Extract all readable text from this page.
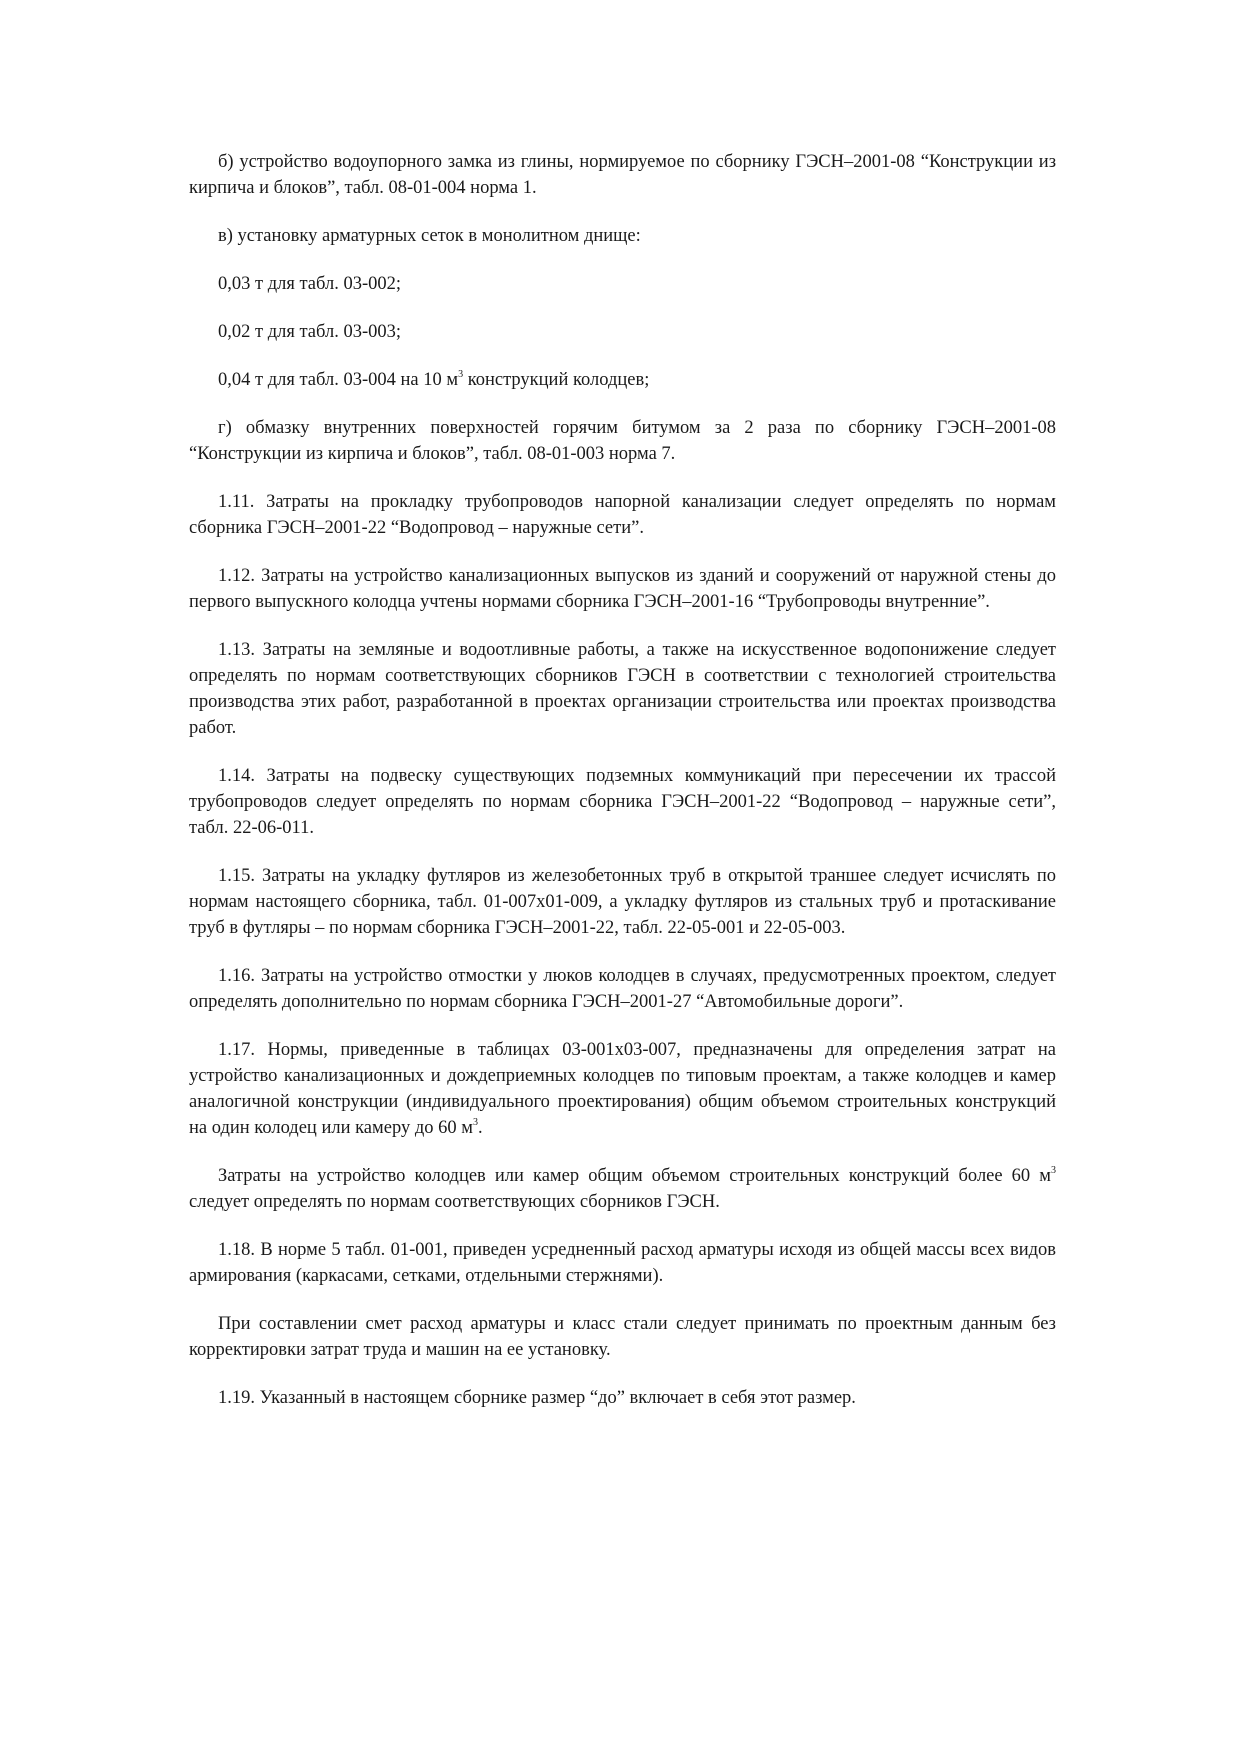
б) устройство водоупорного замка из глины, нормируемое по сборнику ГЭСН–2001-08 “Конструкции из кирпича и блоков”, табл. 08-01-004 норма 1.

в) установку арматурных сеток в монолитном днище:

0,03 т для табл. 03-002;

0,02 т для табл. 03-003;

0,04 т для табл. 03-004 на 10 $м^3$ конструкций колодцев;

г) обмазку внутренних поверхностей горячим битумом за 2 раза по сборнику ГЭСН–2001-08 “Конструкции из кирпича и блоков”, табл. 08-01-003 норма 7.

1.11. Затраты на прокладку трубопроводов напорной канализации следует определять по нормам сборника ГЭСН–2001-22 “Водопровод – наружные сети”.

1.12. Затраты на устройство канализационных выпусков из зданий и сооружений от наружной стены до первого выпускного колодца учтены нормами сборника ГЭСН–2001-16 “Трубопроводы внутренние”.

1.13. Затраты на земляные и водоотливные работы, а также на искусственное водопонижение следует определять по нормам соответствующих сборников ГЭСН в соответствии с технологией строительства производства этих работ, разработанной в проектах организации строительства или проектах производства работ.

1.14. Затраты на подвеску существующих подземных коммуникаций при пересечении их трассой трубопроводов следует определять по нормам сборника ГЭСН–2001-22 “Водопровод – наружные сети”, табл. 22-06-011.

1.15. Затраты на укладку футляров из железобетонных труб в открытой траншее следует исчислять по нормам настоящего сборника, табл. 01-007х01-009, а укладку футляров из стальных труб и протаскивание труб в футляры – по нормам сборника ГЭСН–2001-22, табл. 22-05-001 и 22-05-003.

1.16. Затраты на устройство отмостки у люков колодцев в случаях, предусмотренных проектом, следует определять дополнительно по нормам сборника ГЭСН–2001-27 “Автомобильные дороги”.

1.17. Нормы, приведенные в таблицах 03-001х03-007, предназначены для определения затрат на устройство канализационных и дождеприемных колодцев по типовым проектам, а также колодцев и камер аналогичной конструкции (индивидуального проектирования) общим объемом строительных конструкций на один колодец или камеру до 60 $м^3$.

Затраты на устройство колодцев или камер общим объемом строительных конструкций более 60 $м^3$ следует определять по нормам соответствующих сборников ГЭСН.

1.18. В норме 5 табл. 01-001, приведен усредненный расход арматуры исходя из общей массы всех видов армирования (каркасами, сетками, отдельными стержнями).

При составлении смет расход арматуры и класс стали следует принимать по проектным данным без корректировки затрат труда и машин на ее установку.

1.19. Указанный в настоящем сборнике размер “до” включает в себя этот размер.
